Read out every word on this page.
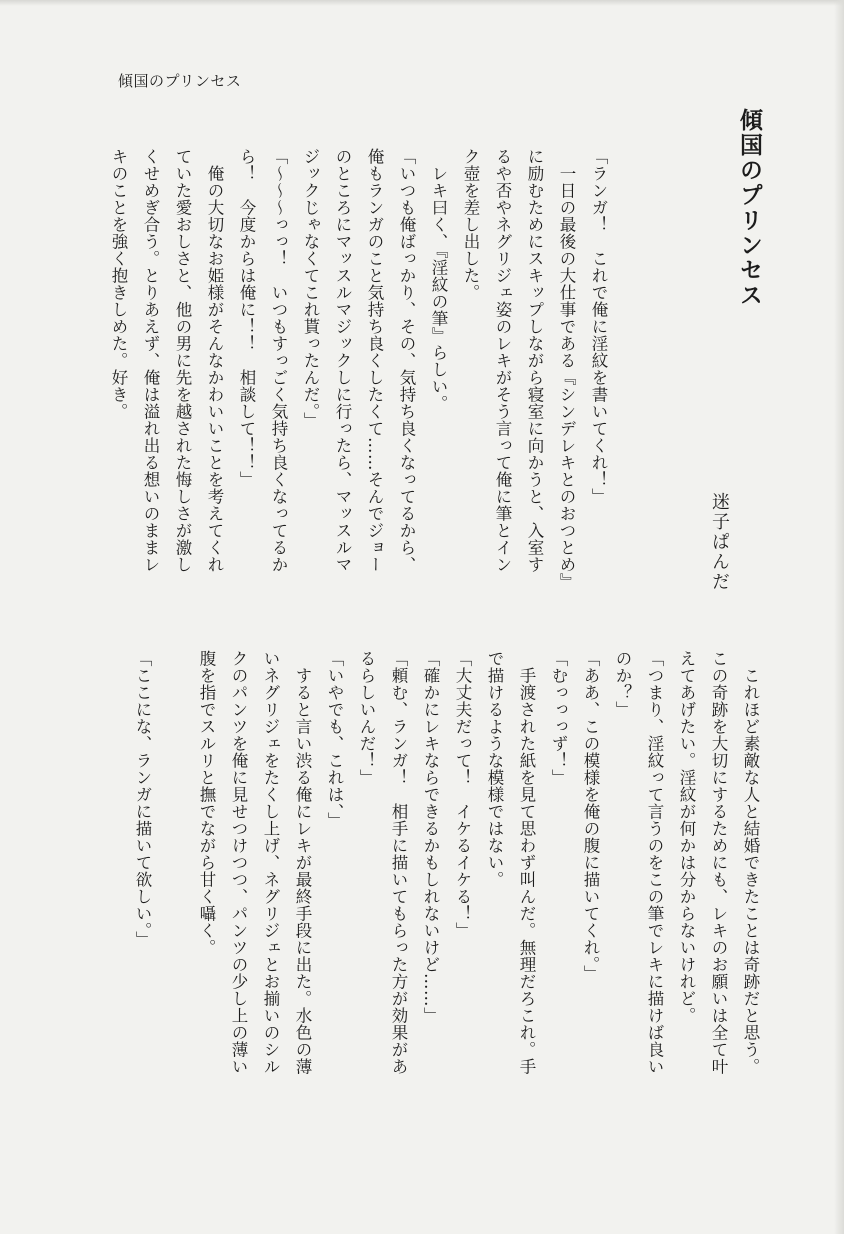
傾国のプリンセス
傾国のプリンセス
迷子ぱんだ
「ランガ！　これで俺に淫紋を書いてくれ！」
　一日の最後の大仕事である『シンデレキとのおつとめ』
に励むためにスキップしながら寝室に向かうと、入室す
るや否やネグリジェ姿のレキがそう言って俺に筆とイン
ク壺を差し出した。
　レキ曰く、『淫紋の筆』らしい。
「いつも俺ばっかり、その、気持ち良くなってるから、
俺もランガのこと気持ち良くしたくて……そんでジョー
のところにマッスルマジックしに行ったら、マッスルマ
ジックじゃなくてこれ貰ったんだ。」
「～～～っっ！　いつもすっごく気持ち良くなってるか
ら！　今度からは俺に！！　相談して！！」
　俺の大切なお姫様がそんなかわいいことを考えてくれ
ていた愛おしさと、他の男に先を越された悔しさが激し
くせめぎ合う。とりあえず、俺は溢れ出る想いのままレ
キのことを強く抱きしめた。好き。
　これほど素敵な人と結婚できたことは奇跡だと思う。
この奇跡を大切にするためにも、レキのお願いは全て叶
えてあげたい。淫紋が何かは分からないけれど。
「つまり、淫紋って言うのをこの筆でレキに描けば良い
のか？」
「ああ、この模様を俺の腹に描いてくれ。」
「むっっっず！」
　手渡された紙を見て思わず叫んだ。無理だろこれ。手
で描けるような模様ではない。
「大丈夫だって！　イケるイケる！」
「確かにレキならできるかもしれないけど……」
「頼む、ランガ！　相手に描いてもらった方が効果があ
るらしいんだ！」
「いやでも、これは、」
　すると言い渋る俺にレキが最終手段に出た。水色の薄
いネグリジェをたくし上げ、ネグリジェとお揃いのシル
クのパンツを俺に見せつけつつ、パンツの少し上の薄い
腹を指でスルリと撫でながら甘く囁く。
「ここにな、ランガに描いて欲しい。」
